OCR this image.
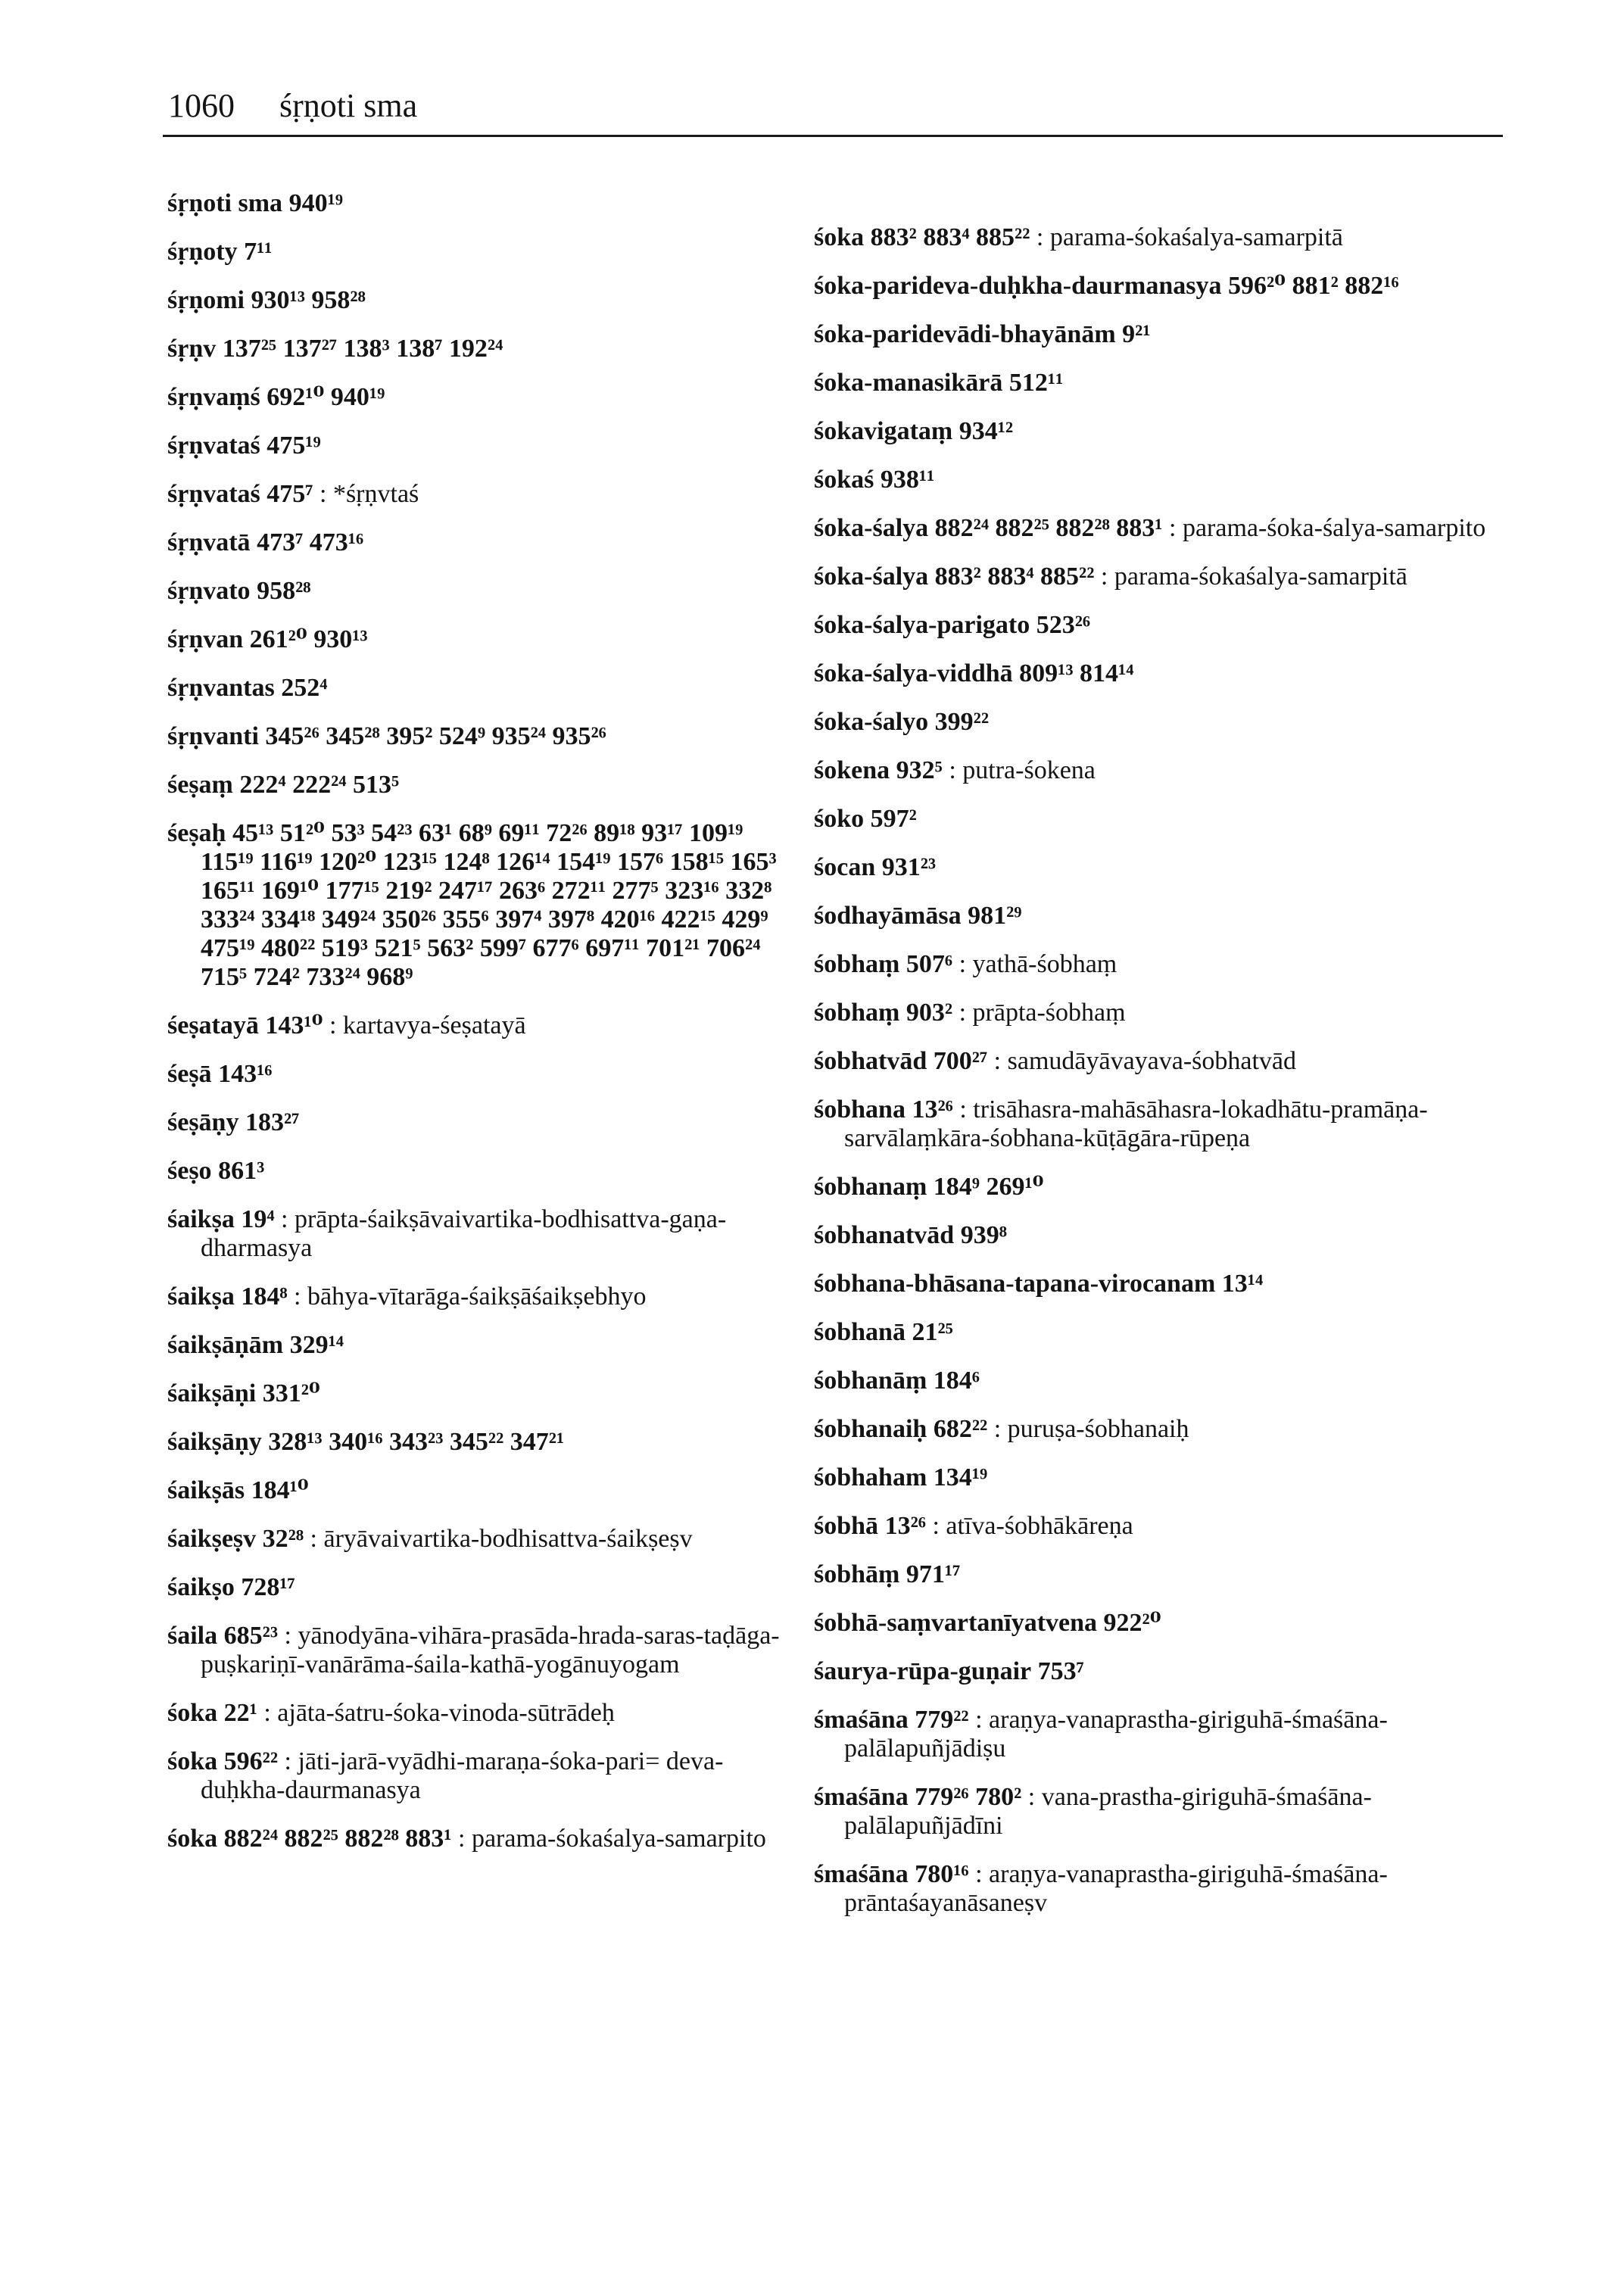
1060 śṛṇoti sma
śṛṇoti sma 940¹⁹
śṛṇoty 7¹¹
śṛṇomi 930¹³ 958²⁸
śṛṇv 137²⁵ 137²⁷ 138³ 138⁷ 192²⁴
śṛṇvaṃś 692¹⁰ 940¹⁹
śṛṇvataś 475¹⁹
śṛṇvataś 475⁷ : *śṛṇvtaś
śṛṇvatā 473⁷ 473¹⁶
śṛṇvato 958²⁸
śṛṇvan 261²⁰ 930¹³
śṛṇvantas 252⁴
śṛṇvanti 345²⁶ 345²⁸ 395² 524⁹ 935²⁴ 935²⁶
śeṣaṃ 222⁴ 222²⁴ 513⁵
śeṣaḥ 45¹³ 51²⁰ 53³ 54²³ 63¹ 68⁹ 69¹¹ 72²⁶ 89¹⁸ 93¹⁷ 109¹⁹ 115¹⁹ 116¹⁹ 120²⁰ 123¹⁵ 124⁸ 126¹⁴ 154¹⁹ 157⁶ 158¹⁵ 165³ 165¹¹ 169¹⁰ 177¹⁵ 219² 247¹⁷ 263⁶ 272¹¹ 277⁵ 323¹⁶ 332⁸ 333²⁴ 334¹⁸ 349²⁴ 350²⁶ 355⁶ 397⁴ 397⁸ 420¹⁶ 422¹⁵ 429⁹ 475¹⁹ 480²² 519³ 521⁵ 563² 599⁷ 677⁶ 697¹¹ 701²¹ 706²⁴ 715⁵ 724² 733²⁴ 968⁹
śeṣatayā 143¹⁰ : kartavya-śeṣatayā
śeṣā 143¹⁶
śeṣāṇy 183²⁷
śeṣo 861³
śaikṣa 19⁴ : prāpta-śaikṣāvaivartika-bodhisattva-gaṇa-dharmasya
śaikṣa 184⁸ : bāhya-vītarāga-śaikṣāśaikṣebhyo
śaikṣāṇām 329¹⁴
śaikṣāṇi 331²⁰
śaikṣāṇy 328¹³ 340¹⁶ 343²³ 345²² 347²¹
śaikṣās 184¹⁰
śaikṣeṣv 32²⁸ : āryāvaivartika-bodhisattva-śaikṣeṣv
śaikṣo 728¹⁷
śaila 685²³ : yānodyāna-vihāra-prasāda-hrada-saras-taḍāga-puṣkariṇī-vanārāma-śaila-kathā-yogānuyogam
śoka 22¹ : ajāta-śatru-śoka-vinoda-sūtrādeḥ
śoka 596²² : jāti-jarā-vyādhi-maraṇa-śoka-pari= deva-duḥkha-daurmanasya
śoka 882²⁴ 882²⁵ 882²⁸ 883¹ : parama-śokaśalya-samarpito
śoka 883² 883⁴ 885²² : parama-śokaśalya-samarpitā
śoka-parideva-duḥkha-daurmanasya 596²⁰ 881² 882¹⁶
śoka-paridevādi-bhayānām 9²¹
śoka-manasikārā 512¹¹
śokavigataṃ 934¹²
śokaś 938¹¹
śoka-śalya 882²⁴ 882²⁵ 882²⁸ 883¹ : parama-śoka-śalya-samarpito
śoka-śalya 883² 883⁴ 885²² : parama-śokaśalya-samarpitā
śoka-śalya-parigato 523²⁶
śoka-śalya-viddhā 809¹³ 814¹⁴
śoka-śalyo 399²²
śokena 932⁵ : putra-śokena
śoko 597²
śocan 931²³
śodhayāmāsa 981²⁹
śobhaṃ 507⁶ : yathā-śobhaṃ
śobhaṃ 903² : prāpta-śobhaṃ
śobhatvād 700²⁷ : samudāyāvayava-śobhatvād
śobhana 13²⁶ : trisāhasra-mahāsāhasra-lokadhātu-pramāṇa-sarvālaṃkāra-śobhana-kūṭāgāra-rūpeṇa
śobhanaṃ 184⁹ 269¹⁰
śobhanatvād 939⁸
śobhana-bhāsana-tapana-virocanam 13¹⁴
śobhanā 21²⁵
śobhanāṃ 184⁶
śobhanaiḥ 682²² : puruṣa-śobhanaiḥ
śobhaham 134¹⁹
śobhā 13²⁶ : atīva-śobhākāreṇa
śobhāṃ 971¹⁷
śobhā-saṃvartanīyatvena 922²⁰
śaurya-rūpa-guṇair 753⁷
śmaśāna 779²² : araṇya-vanaprastha-giriguhā-śmaśāna-palālapuñjādiṣu
śmaśāna 779²⁶ 780² : vana-prastha-giriguhā-śmaśāna-palālapuñjādīni
śmaśāna 780¹⁶ : araṇya-vanaprastha-giriguhā-śmaśāna-prāntaśayanāsaneṣv
